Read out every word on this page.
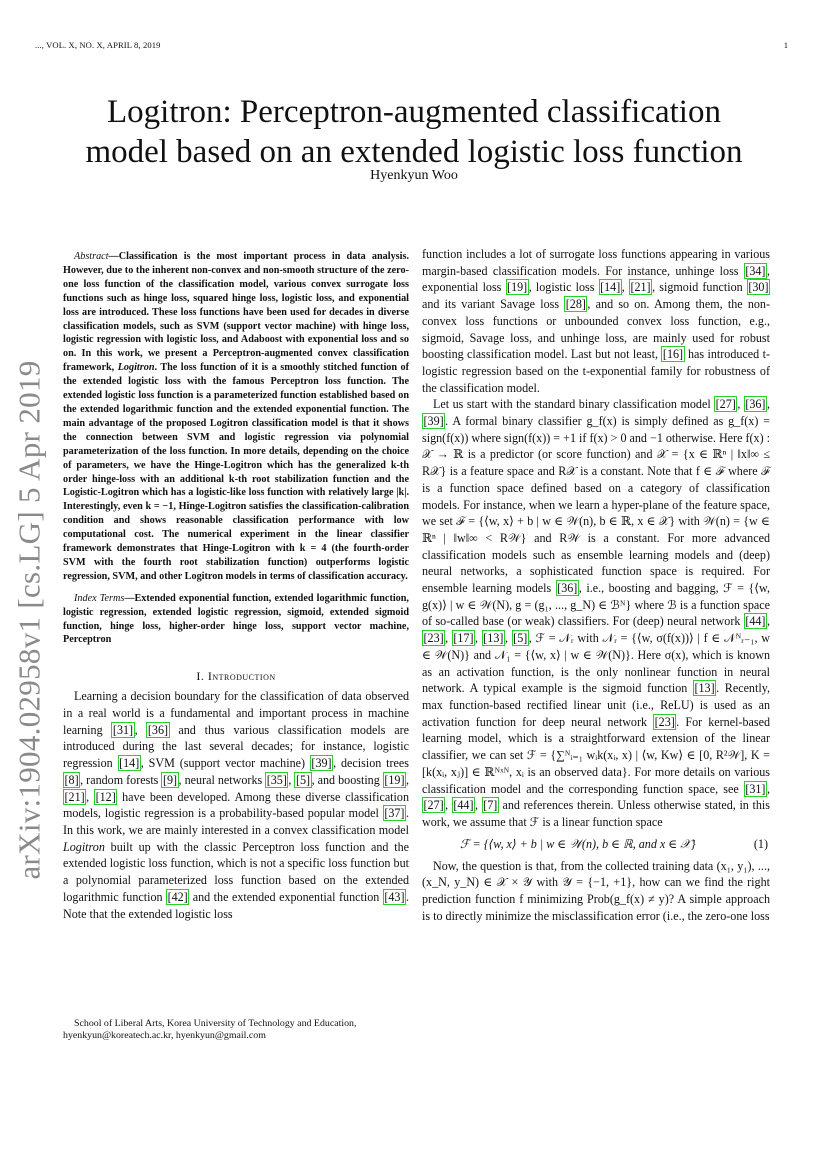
..., VOL. X, NO. X, APRIL 8, 2019	1
Logitron: Perceptron-augmented classification
model based on an extended logistic loss function
Hyenkyun Woo
arXiv:1904.02958v1 [cs.LG] 5 Apr 2019

Abstract—Classification is the most important process in data analysis. However, due to the inherent non-convex and non-smooth structure of the zero-one loss function of the classification model, various convex surrogate loss functions such as hinge loss, squared hinge loss, logistic loss, and exponential loss are introduced. These loss functions have been used for decades in diverse classification models, such as SVM (support vector machine) with hinge loss, logistic regression with logistic loss, and Adaboost with exponential loss and so on. In this work, we present a Perceptron-augmented convex classification framework, Logitron. The loss function of it is a smoothly stitched function of the extended logistic loss with the famous Perceptron loss function. The extended logistic loss function is a parameterized function established based on the extended logarithmic function and the extended exponential function. The main advantage of the proposed Logitron classification model is that it shows the connection between SVM and logistic regression via polynomial parameterization of the loss function. In more details, depending on the choice of parameters, we have the Hinge-Logitron which has the generalized k-th order hinge-loss with an additional k-th root stabilization function and the Logistic-Logitron which has a logistic-like loss function with relatively large |k|. Interestingly, even k = −1, Hinge-Logitron satisfies the classification-calibration condition and shows reasonable classification performance with low computational cost. The numerical experiment in the linear classifier framework demonstrates that Hinge-Logitron with k = 4 (the fourth-order SVM with the fourth root stabilization function) outperforms logistic regression, SVM, and other Logitron models in terms of classification accuracy.

Index Terms—Extended exponential function, extended logarithmic function, logistic regression, extended logistic regression, sigmoid, extended sigmoid function, hinge loss, higher-order hinge loss, support vector machine, Perceptron

I. Introduction

Learning a decision boundary for the classification of data observed in a real world is a fundamental and important process in machine learning [31] , [36] and thus various classification models are introduced during the last several decades; for instance, logistic regression [14] , SVM (support vector machine) [39] , decision trees [8] , random forests [9] , neural networks [35] , [5] , and boosting [19] , [21] , [12] have been developed. Among these diverse classification models, logistic regression is a probability-based popular model [37] . In this work, we are mainly interested in a convex classification model Logitron built up with the classic Perceptron loss function and the extended logistic loss function, which is not a specific loss function but a polynomial parameterized loss function based on the extended logarithmic function [42] and the extended exponential function [43] . Note that the extended logistic loss

School of Liberal Arts, Korea University of Technology and Education,

hyenkyun@koreatech.ac.kr, hyenkyun@gmail.com

function includes a lot of surrogate loss functions appearing in various margin-based classification models. For instance, unhinge loss [34] , exponential loss [19] , logistic loss [14] , [21] , sigmoid function [30] and its variant Savage loss [28] , and so on. Among them, the non-convex loss functions or unbounded convex loss function, e.g., sigmoid, Savage loss, and unhinge loss, are mainly used for robust boosting classification model. Last but not least, [16] has introduced t-logistic regression based on the t-exponential family for robustness of the classification model.

Let us start with the standard binary classification model [27] , [36] , [39] . A formal binary classifier g_f(x) is simply defined as g_f(x) = sign(f(x)) where sign(f(x)) = +1 if f(x) > 0 and −1 otherwise. Here f(x) : 𝒳 → ℝ is a predictor (or score function) and 𝒳 = {x ∈ ℝⁿ | ‖x‖∞ ≤ R𝒳} is a feature space and R𝒳 is a constant. Note that f ∈ ℱ where ℱ is a function space defined based on a category of classification models. For instance, when we learn a hyper-plane of the feature space, we set ℱ = {⟨w, x⟩ + b | w ∈ 𝒲(n), b ∈ ℝ, x ∈ 𝒳} with 𝒲(n) = {w ∈ ℝⁿ | ‖w‖∞ < R𝒲} and R𝒲 is a constant. For more advanced classification models such as ensemble learning models and (deep) neural networks, a sophisticated function space is required. For ensemble learning models [36] , i.e., boosting and bagging, ℱ = {⟨w, g(x)⟩ | w ∈ 𝒲(N), g = (g₁, ..., g_N) ∈ ℬᴺ} where ℬ is a function space of so-called base (or weak) classifiers. For (deep) neural network [44] , [23] , [17] , [13] , [5] , ℱ = 𝒩ᵣ with 𝒩ᵣ = {⟨w, σ(f(x))⟩ | f ∈ 𝒩ᴺᵣ₋₁, w ∈ 𝒲(N)} and 𝒩₁ = {⟨w, x⟩ | w ∈ 𝒲(N)}. Here σ(x), which is known as an activation function, is the only nonlinear function in neural network. A typical example is the sigmoid function [13] . Recently, max function-based rectified linear unit (i.e., ReLU) is used as an activation function for deep neural network [23] . For kernel-based learning model, which is a straightforward extension of the linear classifier, we can set ℱ = {∑ᴺᵢ₌₁ wᵢk(xᵢ, x) | ⟨w, Kw⟩ ∈ [0, R²𝒲], K = [k(xᵢ, xⱼ)] ∈ ℝᴺˣᴺ, xᵢ is an observed data}. For more details on various classification model and the corresponding function space, see [31] , [27] , [44] , [7] and references therein. Unless otherwise stated, in this work, we assume that ℱ is a linear function space

ℱ = {⟨w, x⟩ + b | w ∈ 𝒲(n), b ∈ ℝ, and x ∈ 𝒳}	(1)

Now, the question is that, from the collected training data (x₁, y₁), ..., (x_N, y_N) ∈ 𝒳 × 𝒴 with 𝒴 = {−1, +1}, how can we find the right prediction function f minimizing Prob(g_f(x) ≠ y)? A simple approach is to directly minimize the misclassification error (i.e., the zero-one loss
